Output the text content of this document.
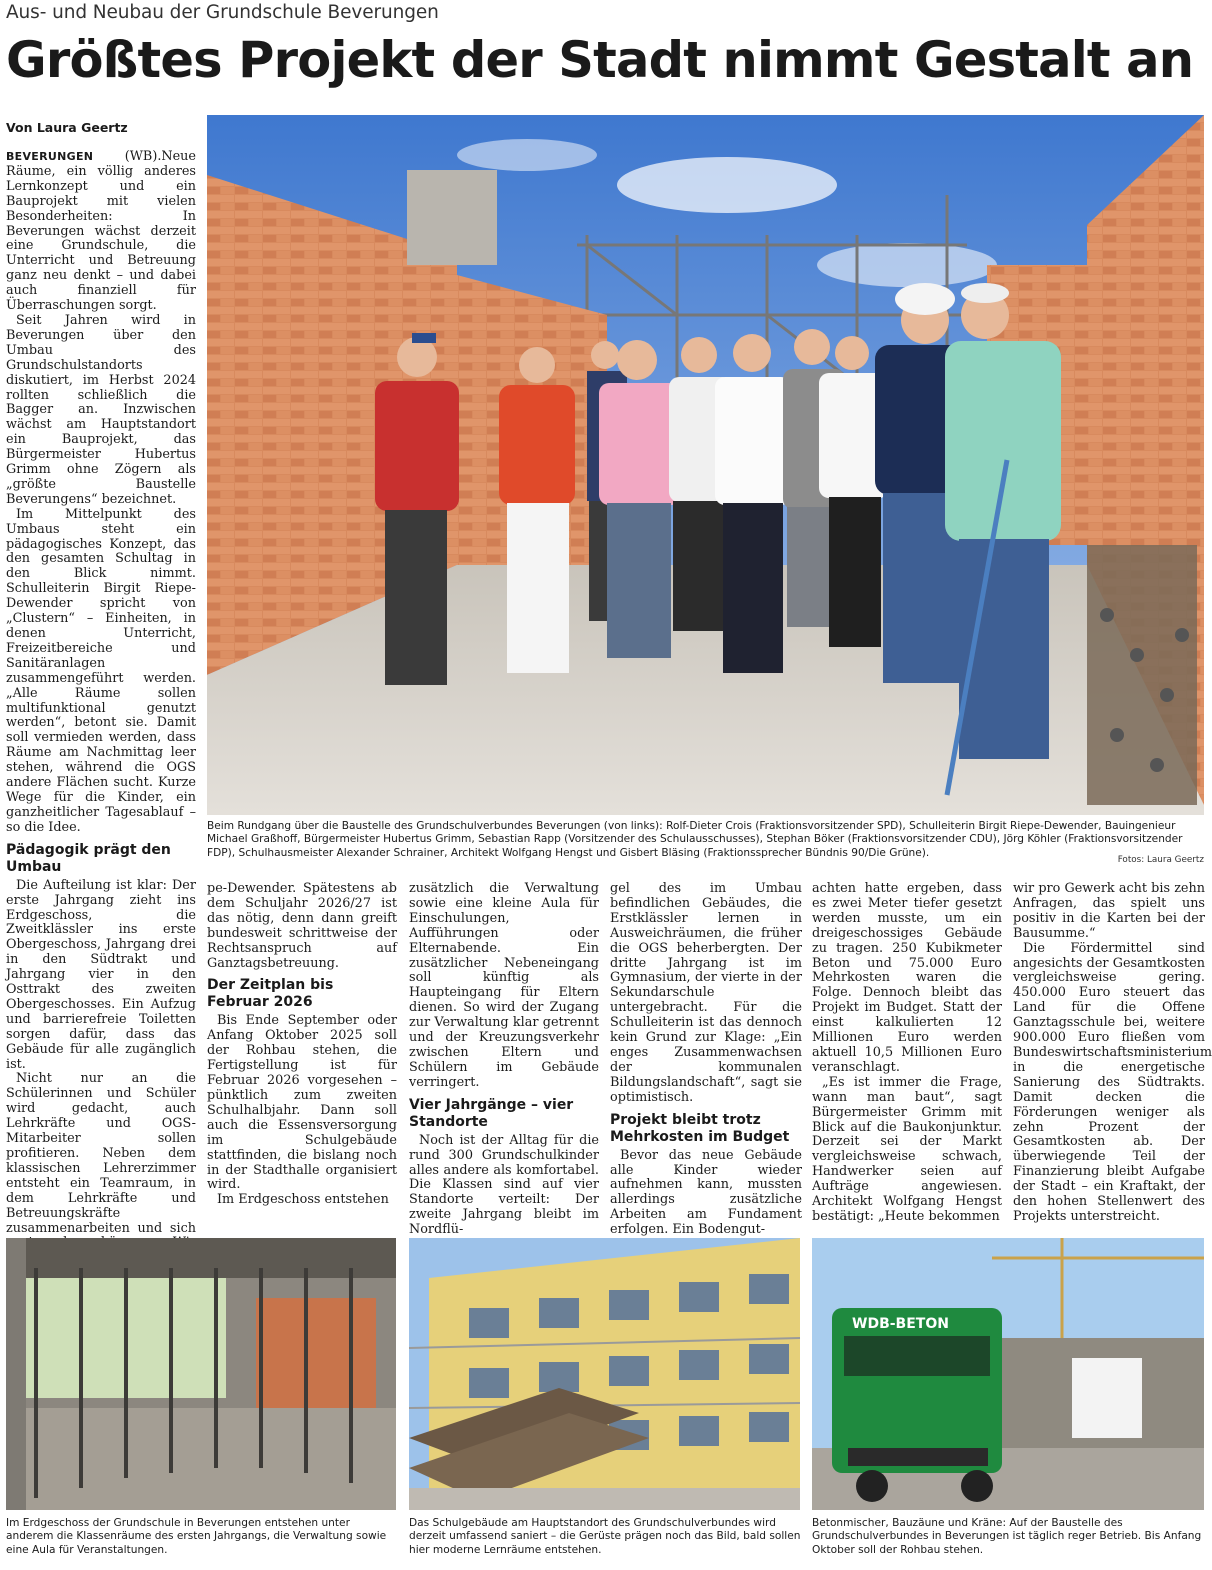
Aus- und Neubau der Grundschule Beverungen
Größtes Projekt der Stadt nimmt Gestalt an
Von Laura Geertz
Beim Rundgang über die Baustelle des Grundschulverbundes Beverungen (von links): Rolf-Dieter Crois (Fraktionsvorsitzender SPD), Schulleiterin Birgit Riepe-Dewender, Bauingenieur Michael Graßhoff, Bürgermeister Hubertus Grimm, Sebastian Rapp (Vorsitzender des Schulausschusses), Stephan Böker (Fraktionsvorsitzender CDU), Jörg Köhler (Fraktionsvorsitzender FDP), Schulhausmeister Alexander Schrainer, Architekt Wolfgang Hengst und Gisbert Bläsing (Fraktionssprecher Bündnis 90/Die Grüne).
Fotos: Laura Geertz

BEVERUNGEN (WB).Neue Räume, ein völlig anderes Lernkonzept und ein Bauprojekt mit vielen Besonderheiten: In Beverungen wächst derzeit eine Grundschule, die Unterricht und Betreuung ganz neu denkt – und dabei auch finanziell für Überraschungen sorgt.

Seit Jahren wird in Beverungen über den Umbau des Grundschulstandorts diskutiert, im Herbst 2024 rollten schließlich die Bagger an. Inzwischen wächst am Hauptstandort ein Bauprojekt, das Bürgermeister Hubertus Grimm ohne Zögern als „größte Baustelle Beverungens“ bezeichnet.

Im Mittelpunkt des Umbaus steht ein pädagogisches Konzept, das den gesamten Schultag in den Blick nimmt. Schulleiterin Birgit Riepe-Dewender spricht von „Clustern“ – Einheiten, in denen Unterricht, Freizeitbereiche und Sanitäranlagen zusammengeführt werden. „Alle Räume sollen multifunktional genutzt werden“, betont sie. Damit soll vermieden werden, dass Räume am Nachmittag leer stehen, während die OGS andere Flächen sucht. Kurze Wege für die Kinder, ein ganzheitlicher Tagesablauf – so die Idee.

Pädagogik prägt den Umbau

Die Aufteilung ist klar: Der erste Jahrgang zieht ins Erdgeschoss, die Zweitklässler ins erste Obergeschoss, Jahrgang drei in den Südtrakt und Jahrgang vier in den Osttrakt des zweiten Obergeschosses. Ein Aufzug und barrierefreie Toiletten sorgen dafür, dass das Gebäude für alle zugänglich ist.

Nicht nur an die Schülerinnen und Schüler wird gedacht, auch Lehrkräfte und OGS-Mitarbeiter sollen profitieren. Neben dem klassischen Lehrerzimmer entsteht ein Teamraum, in dem Lehrkräfte und Betreuungskräfte zusammenarbeiten und sich

pe-Dewender. Spätestens ab dem Schuljahr 2026/27 ist das nötig, denn dann greift bundesweit schrittweise der Rechtsanspruch auf Ganztagsbetreuung.

Der Zeitplan bis Februar 2026

Bis Ende September oder Anfang Oktober 2025 soll der Rohbau stehen, die Fertigstellung ist für Februar 2026 vorgesehen – pünktlich zum zweiten Schulhalbjahr. Dann soll auch die Essensversorgung im Schulgebäude stattfinden, die bislang noch in der Stadthalle organisiert wird.

Im Erdgeschoss entstehen

zusätzlich die Verwaltung sowie eine kleine Aula für Einschulungen, Aufführungen oder Elternabende. Ein zusätzlicher Nebeneingang soll künftig als Haupteingang für Eltern dienen. So wird der Zugang zur Verwaltung klar getrennt und der Kreuzungsverkehr zwischen Eltern und Schülern im Gebäude verringert.

Vier Jahrgänge – vier Standorte

Noch ist der Alltag für die rund 300 Grundschulkinder alles andere als komfortabel. Die Klassen sind auf vier Standorte verteilt: Der zweite Jahrgang bleibt im Nordflü-

gel des im Umbau befindlichen Gebäudes, die Erstklässler lernen in Ausweichräumen, die früher die OGS beherbergten. Der dritte Jahrgang ist im Gymnasium, der vierte in der Sekundarschule untergebracht. Für die Schulleiterin ist das dennoch kein Grund zur Klage: „Ein enges Zusammenwachsen der kommunalen Bildungslandschaft“, sagt sie optimistisch.

Projekt bleibt trotz Mehrkosten im Budget

Bevor das neue Gebäude alle Kinder wieder aufnehmen kann, mussten allerdings zusätzliche Arbeiten am Fundament erfolgen. Ein Bodengut-

achten hatte ergeben, dass es zwei Meter tiefer gesetzt werden musste, um ein dreigeschossiges Gebäude zu tragen. 250 Kubikmeter Beton und 75.000 Euro Mehrkosten waren die Folge. Dennoch bleibt das Projekt im Budget. Statt der einst kalkulierten 12 Millionen Euro werden aktuell 10,5 Millionen Euro veranschlagt.

„Es ist immer die Frage, wann man baut“, sagt Bürgermeister Grimm mit Blick auf die Baukonjunktur. Derzeit sei der Markt vergleichsweise schwach, Handwerker seien auf Aufträge angewiesen. Architekt Wolfgang Hengst bestätigt: „Heute bekommen

wir pro Gewerk acht bis zehn Anfragen, das spielt uns positiv in die Karten bei der Bausumme.“

Die Fördermittel sind angesichts der Gesamtkosten vergleichsweise gering. 450.000 Euro steuert das Land für die Offene Ganztagsschule bei, weitere 900.000 Euro fließen vom Bundeswirtschaftsministerium in die energetische Sanierung des Südtrakts. Damit decken die Förderungen weniger als zehn Prozent der Gesamtkosten ab. Der überwiegende Teil der Finanzierung bleibt Aufgabe der Stadt – ein Kraftakt, der den hohen Stellenwert des Projekts unterstreicht.

Im Erdgeschoss der Grundschule in Beverungen entstehen unter anderem die Klassenräume des ersten Jahrgangs, die Verwaltung sowie eine Aula für Veranstaltungen.
Das Schulgebäude am Hauptstandort des Grundschulverbundes wird derzeit umfassend saniert – die Gerüste prägen noch das Bild, bald sollen hier moderne Lernräume entstehen.
WDB-BETON
Betonmischer, Bauzäune und Kräne: Auf der Baustelle des Grundschulverbundes in Beverungen ist täglich reger Betrieb. Bis Anfang Oktober soll der Rohbau stehen.
